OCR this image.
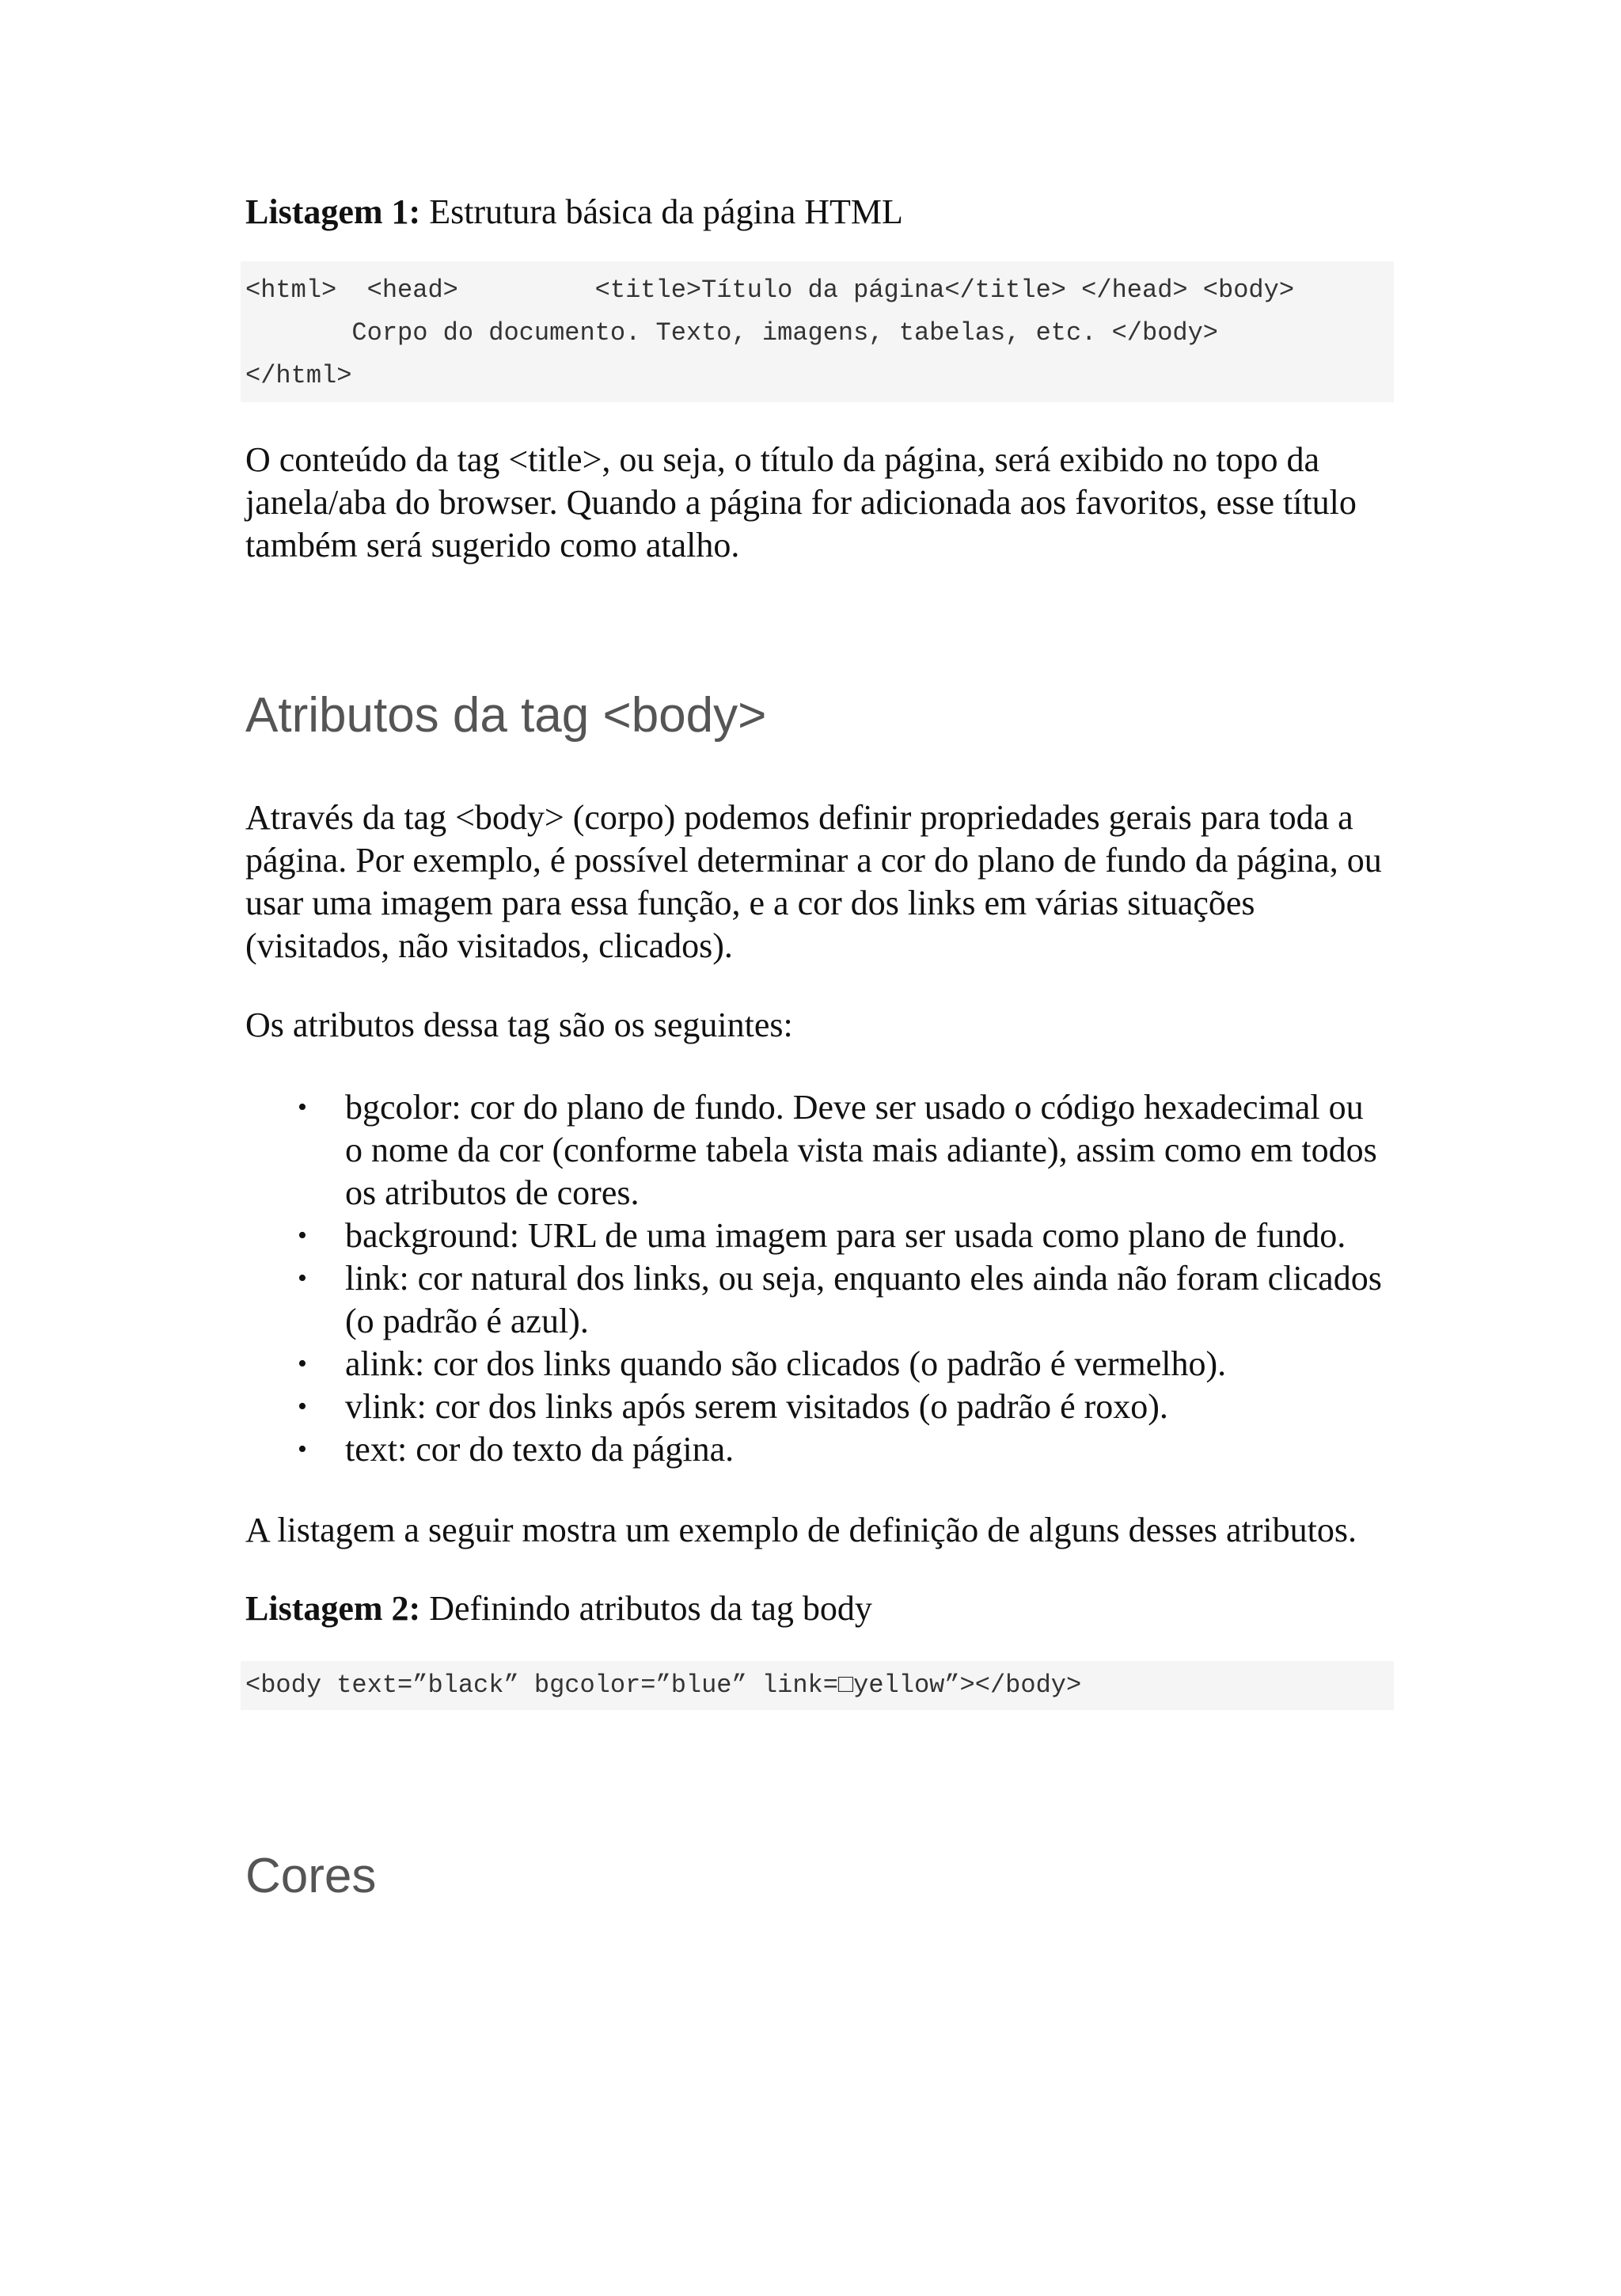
Listagem 1: Estrutura básica da página HTML

<html>  <head>         <title>Título da página</title> </head> <body>
Corpo do documento. Texto, imagens, tabelas, etc. </body>
</html>

O conteúdo da tag <title>, ou seja, o título da página, será exibido no topo da janela/aba do browser. Quando a página for adicionada aos favoritos, esse título também será sugerido como atalho.

Atributos da tag <body>

Através da tag <body> (corpo) podemos definir propriedades gerais para toda a página. Por exemplo, é possível determinar a cor do plano de fundo da página, ou usar uma imagem para essa função, e a cor dos links em várias situações (visitados, não visitados, clicados).

Os atributos dessa tag são os seguintes:

• bgcolor: cor do plano de fundo. Deve ser usado o código hexadecimal ou o nome da cor (conforme tabela vista mais adiante), assim como em todos os atributos de cores.
• background: URL de uma imagem para ser usada como plano de fundo.
• link: cor natural dos links, ou seja, enquanto eles ainda não foram clicados (o padrão é azul).
• alink: cor dos links quando são clicados (o padrão é vermelho).
• vlink: cor dos links após serem visitados (o padrão é roxo).
• text: cor do texto da página.

A listagem a seguir mostra um exemplo de definição de alguns desses atributos.

Listagem 2: Definindo atributos da tag body

<body text=”black” bgcolor=”blue” link=□yellow”></body>
Cores
